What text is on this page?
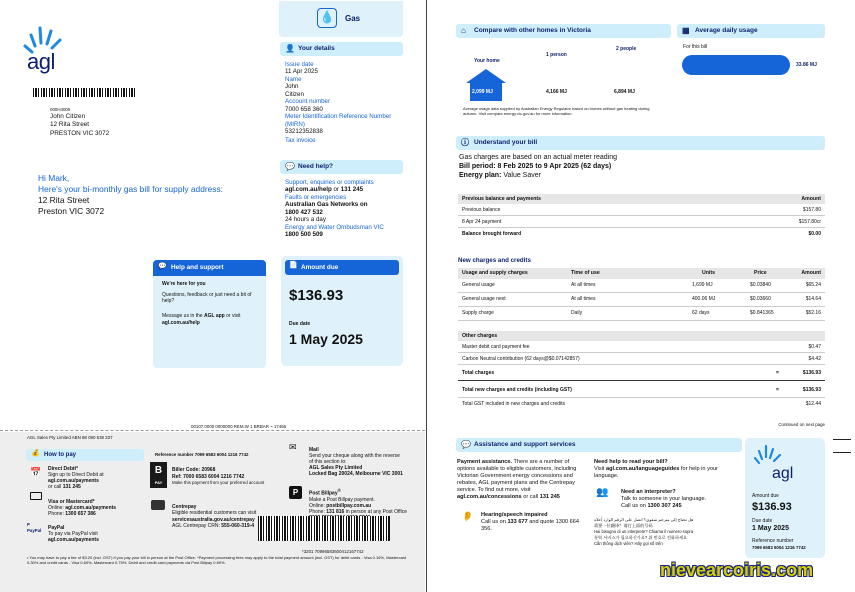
agl
000H4005
John Citizen
12 Rita Street
PRESTON VIC 3072
Hi Mark,
Here's your bi-monthly gas bill for supply address:
12 Rita Street
Preston VIC 3072
💧	Gas
👤 Your details
Issue date
11 Apr 2025
Name
John
Citizen
Account number
7000 658 360
Meter Identification Reference Number (MIRN)
53212352838
Tax invoice
💬 Need help?
Support, enquiries or complaints
agl.com.au/help or 131 245
Faults or emergencies
Australian Gas Networks on
1800 427 532
24 hours a day
Energy and Water Ombudsman VIC
1800 500 509
💬 Help and support
We're here for you
Questions, feedback or just need a bit of help?
Message us in the AGL app or visit
agl.com.au/help
📄 Amount due
$136.93
Due date
1 May 2025
00107.0000 0000000 REM.W 1 BRBAR ~ 17466
AGL Sales Pty Limited ABN 88 090 538 337
💰 How to pay	Reference number 7099 6583 6004 1216 7742
Direct Debit*
Sign up to Direct Debit at
agl.com.au/payments
or call 131 245
📅
Visa or Mastercard*
Online: agl.com.au/payments
Phone: 1300 657 386
P
PayPal PayPal
To pay via PayPal visit
agl.com.au/payments
B
PAY
Biller Code: 20968
Ref: 7000 6583 6004 1216 7742
Make this payment from your preferred account
Centrepay
Eligible residential customers can visit
servicesaustralia.gov.au/centrepay
AGL Centrepay CRN: 555-060-319-4
✉ Mail
Send your cheque along with the reverse of this section to:
AGL Sales Pty Limited
Locked Bag 20024, Melbourne VIC 3001
P	Post Billpay®
Make a Post Billpay payment.
Online: postbillpay.com.au
Phone: 131 816 in person at any Post Office
*3201 70996583600412167742
• You may have to pay a fee of $3.20 (incl. GST) if you pay your bill in person at the Post Office. *Payment processing fees may apply to the total payment amount (incl. GST) for debit cards - Visa 0.16%, Mastercard 0.30% and credit cards - Visa 0.69%, Mastercard 0.75%. Debit and credit card payments via Post Billpay 0.69%.
⌂ Compare with other homes in Victoria	▦ Average daily usage
Your home
1 person
2 people
2,099 MJ	4,166 MJ	6,894 MJ
Average usage data supplied by Australian Energy Regulator based on homes without gas heating during autumn. Visit compare.energy.vic.gov.au for more information.
For this bill
33.86 MJ
ⓘ Understand your bill
Gas charges are based on an actual meter reading
Bill period: 8 Feb 2025 to 9 Apr 2025 (62 days)
Energy plan: Value Saver
Previous balance and payments	Amount
Previous balance	$157.80
8 Apr 24 payment	$157.80cr
Balance brought forward	$0.00
New charges and credits
Usage and supply charges	Time of use	Units	Price	Amount
General usage	At all times	1,699 MJ	$0.03840	$65.24
General usage next	At all times	400.06 MJ	$0.03660	$14.64
Supply charge	Daily	62 days	$0.841365	$52.16
Other charges
Master debit card payment fee	$0.47
Carbon Neutral contribution (62 days@$0.07142857)	$4.42
Total charges	=	$136.93
Total new charges and credits (including GST)	=	$136.93
Total GST included in new charges and credits	$12.44
Continued on next page
💬 Assistance and support services
Payment assistance. There are a number of options available to eligible customers, including Victorian Government energy concessions and rebates, AGL payment plans and the Centrepay service. To find out more, visit agl.com.au/concessions or call 131 245
👂 Hearing/speech impaired
Call us on 133 677 and quote 1300 664 356.
Need help to read your bill?
Visit agl.com.au/languageguides for help in your language.
👥 Need an interpreter?
Talk to someone in your language.
Call us on 1300 307 245
هل تحتاج إلى مترجم شفوي؟ اتصل على الرقم الوارد أعلاه
需要一位翻译？请打上面的号码
Hai bisogno di un interprete? Chiama il numero sopra
통역 서비스가 필요하신가요? 위 번호로 전화하세요
Cần thông dịch viên? Hãy gọi số trên
agl
Amount due
$136.93
Due date
1 May 2025
Reference number
7099 6583 6004 1216 7742
nievearcoiris.com
